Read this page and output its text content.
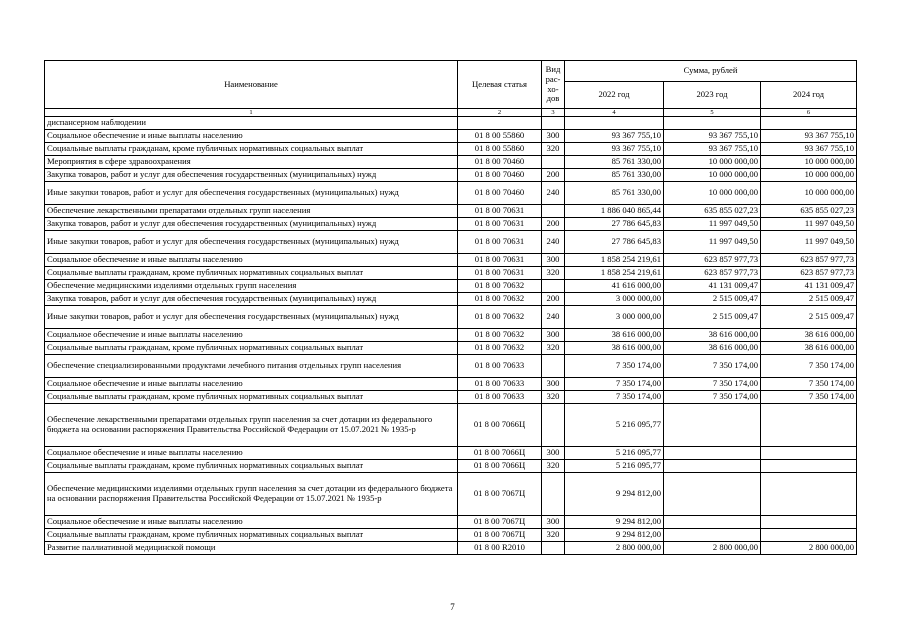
Наименование	Целевая статья	Вид рас-хо-дов	Сумма, рублей		
			2022 год	2023 год	2024 год
1	2	3	4	5	6
диспансерном наблюдении					
Социальное обеспечение и иные выплаты населению	01 8 00 55860	300	93 367 755,10	93 367 755,10	93 367 755,10
Социальные выплаты гражданам, кроме публичных нормативных социальных выплат	01 8 00 55860	320	93 367 755,10	93 367 755,10	93 367 755,10
Мероприятия в сфере здравоохранения	01 8 00 70460		85 761 330,00	10 000 000,00	10 000 000,00
Закупка товаров, работ и услуг для обеспечения государственных (муниципальных) нужд	01 8 00 70460	200	85 761 330,00	10 000 000,00	10 000 000,00
Иные закупки товаров, работ и услуг для обеспечения государственных (муниципальных) нужд	01 8 00 70460	240	85 761 330,00	10 000 000,00	10 000 000,00
Обеспечение лекарственными препаратами отдельных групп населения	01 8 00 70631		1 886 040 865,44	635 855 027,23	635 855 027,23
Закупка товаров, работ и услуг для обеспечения государственных (муниципальных) нужд	01 8 00 70631	200	27 786 645,83	11 997 049,50	11 997 049,50
Иные закупки товаров, работ и услуг для обеспечения государственных (муниципальных) нужд	01 8 00 70631	240	27 786 645,83	11 997 049,50	11 997 049,50
Социальное обеспечение и иные выплаты населению	01 8 00 70631	300	1 858 254 219,61	623 857 977,73	623 857 977,73
Социальные выплаты гражданам, кроме публичных нормативных социальных выплат	01 8 00 70631	320	1 858 254 219,61	623 857 977,73	623 857 977,73
Обеспечение медицинскими изделиями отдельных групп населения	01 8 00 70632		41 616 000,00	41 131 009,47	41 131 009,47
Закупка товаров, работ и услуг для обеспечения государственных (муниципальных) нужд	01 8 00 70632	200	3 000 000,00	2 515 009,47	2 515 009,47
Иные закупки товаров, работ и услуг для обеспечения государственных (муниципальных) нужд	01 8 00 70632	240	3 000 000,00	2 515 009,47	2 515 009,47
Социальное обеспечение и иные выплаты населению	01 8 00 70632	300	38 616 000,00	38 616 000,00	38 616 000,00
Социальные выплаты гражданам, кроме публичных нормативных социальных выплат	01 8 00 70632	320	38 616 000,00	38 616 000,00	38 616 000,00
Обеспечение специализированными продуктами лечебного питания отдельных групп населения	01 8 00 70633		7 350 174,00	7 350 174,00	7 350 174,00
Социальное обеспечение и иные выплаты населению	01 8 00 70633	300	7 350 174,00	7 350 174,00	7 350 174,00
Социальные выплаты гражданам, кроме публичных нормативных социальных выплат	01 8 00 70633	320	7 350 174,00	7 350 174,00	7 350 174,00
Обеспечение лекарственными препаратами отдельных групп населения за счет дотации из федерального бюджета на основании распоряжения Правительства Российской Федерации от 15.07.2021 № 1935-р	01 8 00 7066Ц		5 216 095,77		
Социальное обеспечение и иные выплаты населению	01 8 00 7066Ц	300	5 216 095,77		
Социальные выплаты гражданам, кроме публичных нормативных социальных выплат	01 8 00 7066Ц	320	5 216 095,77		
Обеспечение медицинскими изделиями отдельных групп населения за счет дотации из федерального бюджета на основании распоряжения Правительства Российской Федерации от 15.07.2021 № 1935-р	01 8 00 7067Ц		9 294 812,00		
Социальное обеспечение и иные выплаты населению	01 8 00 7067Ц	300	9 294 812,00		
Социальные выплаты гражданам, кроме публичных нормативных социальных выплат	01 8 00 7067Ц	320	9 294 812,00		
Развитие паллиативной медицинской помощи	01 8 00 R2010		2 800 000,00	2 800 000,00	2 800 000,00
7
